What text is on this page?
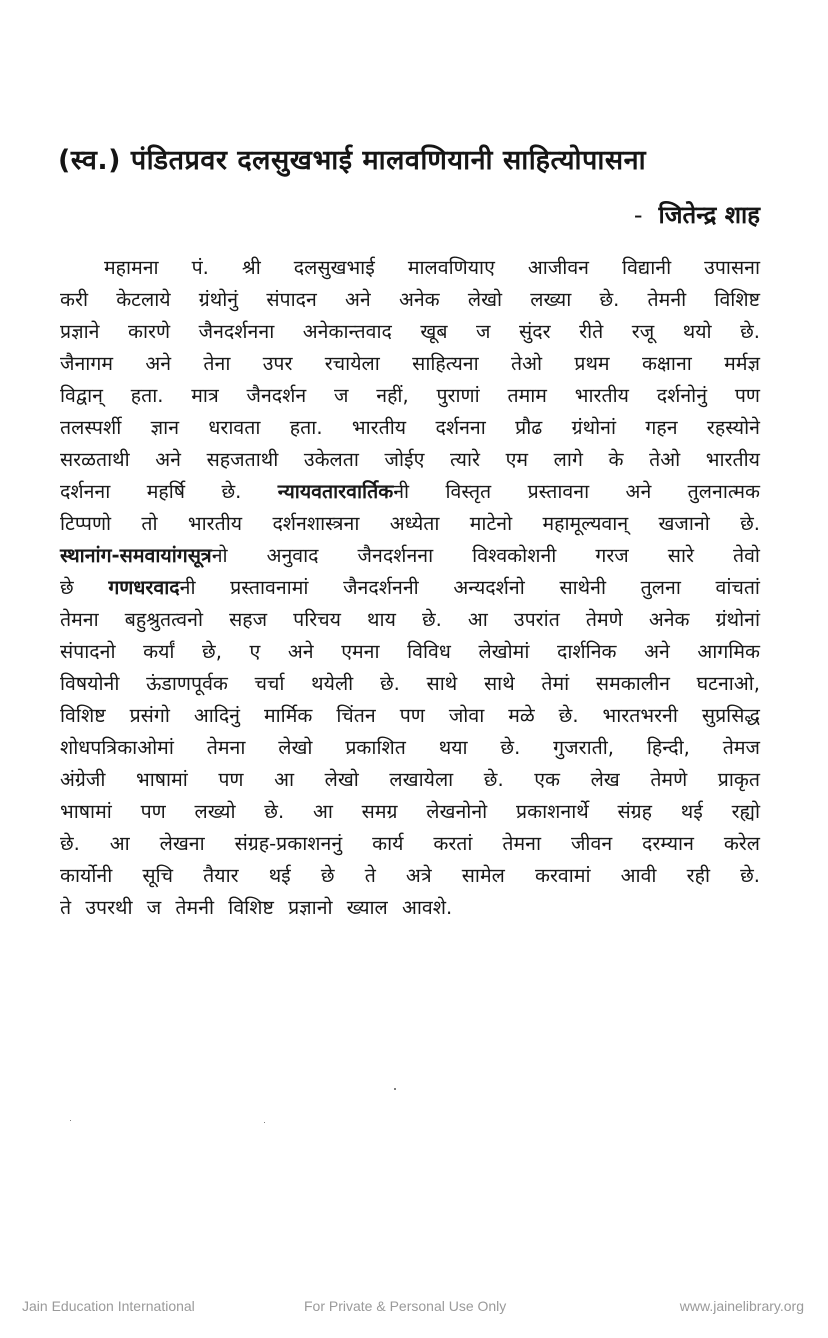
(स्व.) पंडितप्रवर दलसुखभाई मालवणियानी साहित्योपासना
- जितेन्द्र शाह
महामना पं. श्री दलसुखभाई मालवणियाए आजीवन विद्यानी उपासना
करी केटलाये ग्रंथोनुं संपादन अने अनेक लेखो लख्या छे. तेमनी विशिष्ट
प्रज्ञाने कारणे जैनदर्शनना अनेकान्तवाद खूब ज सुंदर रीते रजू थयो छे.
जैनागम अने तेना उपर रचायेला साहित्यना तेओ प्रथम कक्षाना मर्मज्ञ
विद्वान् हता. मात्र जैनदर्शन ज नहीं, पुराणां तमाम भारतीय दर्शनोनुं पण
तलस्पर्शी ज्ञान धरावता हता. भारतीय दर्शनना प्रौढ ग्रंथोनां गहन रहस्योने
सरळताथी अने सहजताथी उकेलता जोईए त्यारे एम लागे के तेओ भारतीय
दर्शनना महर्षि छे. न्यायवतारवार्तिकनी विस्तृत प्रस्तावना अने तुलनात्मक
टिप्पणो तो भारतीय दर्शनशास्त्रना अध्येता माटेनो महामूल्यवान् खजानो छे.
स्थानांग-समवायांगसूत्रनो अनुवाद जैनदर्शनना विश्वकोशनी गरज सारे तेवो
छे गणधरवादनी प्रस्तावनामां जैनदर्शननी अन्यदर्शनो साथेनी तुलना वांचतां
तेमना बहुश्रुतत्वनो सहज परिचय थाय छे. आ उपरांत तेमणे अनेक ग्रंथोनां
संपादनो कर्यां छे, ए अने एमना विविध लेखोमां दार्शनिक अने आगमिक
विषयोनी ऊंडाणपूर्वक चर्चा थयेली छे. साथे साथे तेमां समकालीन घटनाओ,
विशिष्ट प्रसंगो आदिनुं मार्मिक चिंतन पण जोवा मळे छे. भारतभरनी सुप्रसिद्ध
शोधपत्रिकाओमां तेमना लेखो प्रकाशित थया छे. गुजराती, हिन्दी, तेमज
अंग्रेजी भाषामां पण आ लेखो लखायेला छे. एक लेख तेमणे प्राकृत
भाषामां पण लख्यो छे. आ समग्र लेखनोनो प्रकाशनार्थे संग्रह थई रह्यो
छे. आ लेखना संग्रह-प्रकाशननुं कार्य करतां तेमना जीवन दरम्यान करेल
कार्योनी सूचि तैयार थई छे ते अत्रे सामेल करवामां आवी रही छे.
ते उपरथी ज तेमनी विशिष्ट प्रज्ञानो ख्याल आवशे.
Jain Education International	For Private & Personal Use Only	www.jainelibrary.org
